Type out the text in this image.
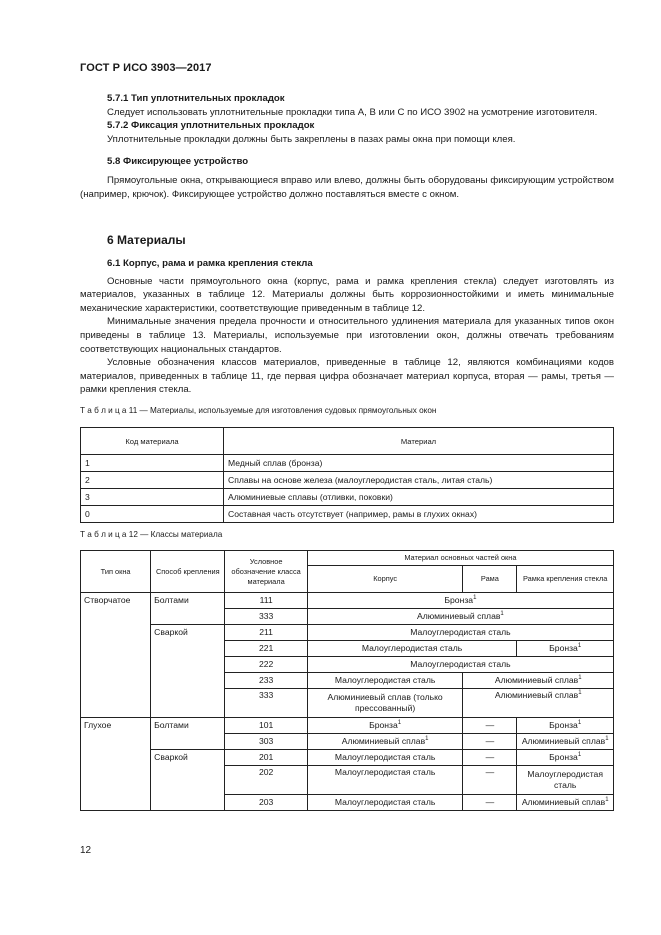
ГОСТ Р ИСО 3903—2017

5.7.1 Тип уплотнительных прокладок

Следует использовать уплотнительные прокладки типа A, B или C по ИСО 3902 на усмотрение изготовителя.

5.7.2 Фиксация уплотнительных прокладок

Уплотнительные прокладки должны быть закреплены в пазах рамы окна при помощи клея.

5.8 Фиксирующее устройство

Прямоугольные окна, открывающиеся вправо или влево, должны быть оборудованы фиксирующим устройством (например, крючок). Фиксирующее устройство должно поставляться вместе с окном.

6 Материалы

6.1 Корпус, рама и рамка крепления стекла

Основные части прямоугольного окна (корпус, рама и рамка крепления стекла) следует изготовлять из материалов, указанных в таблице 12. Материалы должны быть коррозионностойкими и иметь минимальные механические характеристики, соответствующие приведенным в таблице 12.

Минимальные значения предела прочности и относительного удлинения материала для указанных типов окон приведены в таблице 13. Материалы, используемые при изготовлении окон, должны отвечать требованиям соответствующих национальных стандартов.

Условные обозначения классов материалов, приведенные в таблице 12, являются комбинациями кодов материалов, приведенных в таблице 11, где первая цифра обозначает материал корпуса, вторая — рамы, третья — рамки крепления стекла.

Т а б л и ц а 11 — Материалы, используемые для изготовления судовых прямоугольных окон
Код материала	Материал
1	Медный сплав (бронза)
2	Сплавы на основе железа (малоуглеродистая сталь, литая сталь)
3	Алюминиевые сплавы (отливки, поковки)
0	Составная часть отсутствует (например, рамы в глухих окнах)
Т а б л и ц а 12 — Классы материала
Тип окна	Способ крепления	Условное обозначение класса материала	Материал основных частей окна		
			Корпус	Рама	Рамка крепления стекла
Створчатое	Болтами	111	Бронза$^1$
		333	Алюминиевый сплав$^1$
	Сваркой	211	Малоуглеродистая сталь		
		221	Малоуглеродистая сталь		Бронза$^1$
		222	Малоуглеродистая сталь		
		233	Малоуглеродистая сталь	Алюминиевый сплав$^1$
		333	Алюминиевый сплав (только прессованный)	Алюминиевый сплав$^1$
Глухое	Болтами	101	Бронза$^1$	—	Бронза$^1$
		303	Алюминиевый сплав$^1$	—	Алюминиевый сплав$^1$
	Сваркой	201	Малоуглеродистая сталь	—	Бронза$^1$
		202	Малоуглеродистая сталь	—	Малоуглеродистая сталь
		203	Малоуглеродистая сталь	—	Алюминиевый сплав$^1$
12
